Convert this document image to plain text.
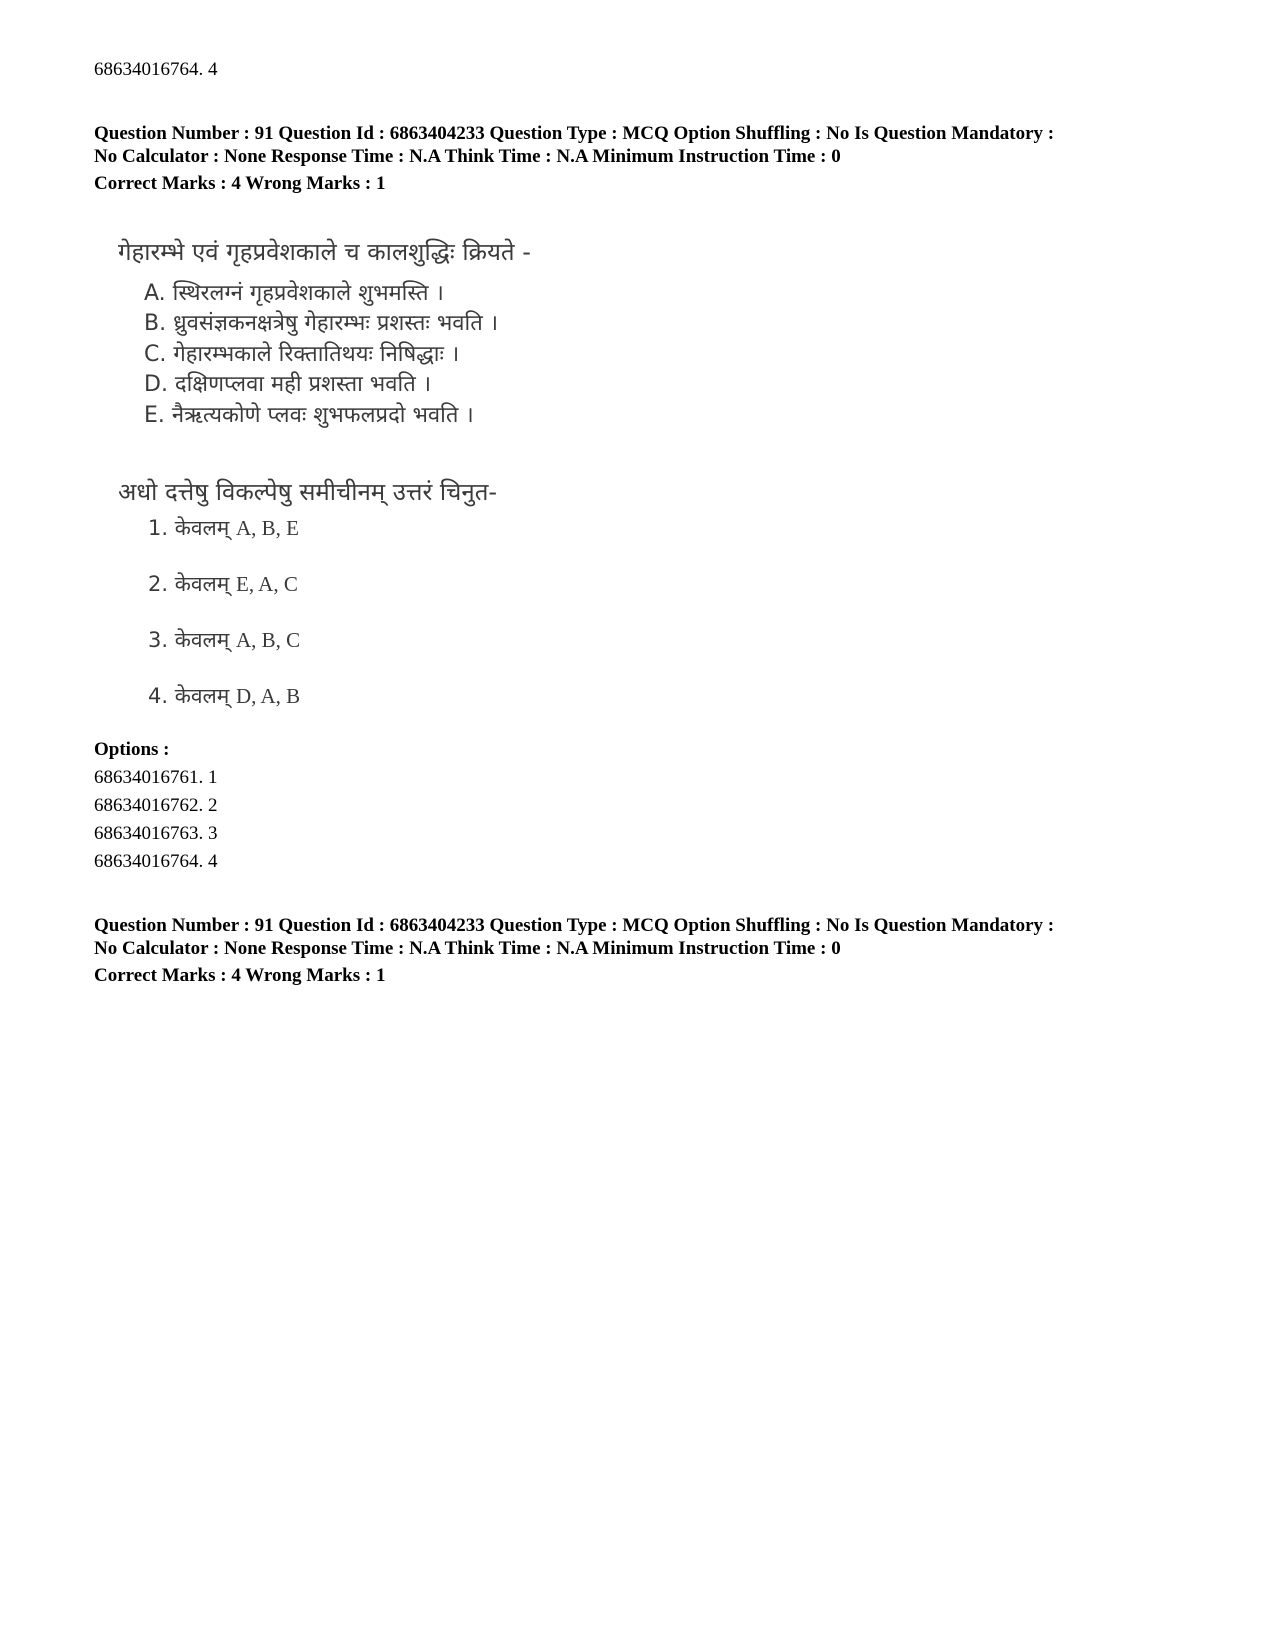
68634016764. 4
Question Number : 91 Question Id : 6863404233 Question Type : MCQ Option Shuffling : No Is Question Mandatory :
No Calculator : None Response Time : N.A Think Time : N.A Minimum Instruction Time : 0
Correct Marks : 4 Wrong Marks : 1
गेहारम्भे एवं गृहप्रवेशकाले च कालशुद्धिः क्रियते -
A. स्थिरलग्नं गृहप्रवेशकाले शुभमस्ति ।
B. ध्रुवसंज्ञकनक्षत्रेषु गेहारम्भः प्रशस्तः भवति ।
C. गेहारम्भकाले रिक्तातिथयः निषिद्धाः ।
D. दक्षिणप्लवा मही प्रशस्ता भवति ।
E. नैऋत्यकोणे प्लवः शुभफलप्रदो भवति ।
अधो दत्तेषु विकल्पेषु समीचीनम् उत्तरं चिनुत-
1. केवलम् A, B, E
2. केवलम् E, A, C
3. केवलम् A, B, C
4. केवलम् D, A, B
Options :
68634016761. 1
68634016762. 2
68634016763. 3
68634016764. 4
Question Number : 91 Question Id : 6863404233 Question Type : MCQ Option Shuffling : No Is Question Mandatory :
No Calculator : None Response Time : N.A Think Time : N.A Minimum Instruction Time : 0
Correct Marks : 4 Wrong Marks : 1
